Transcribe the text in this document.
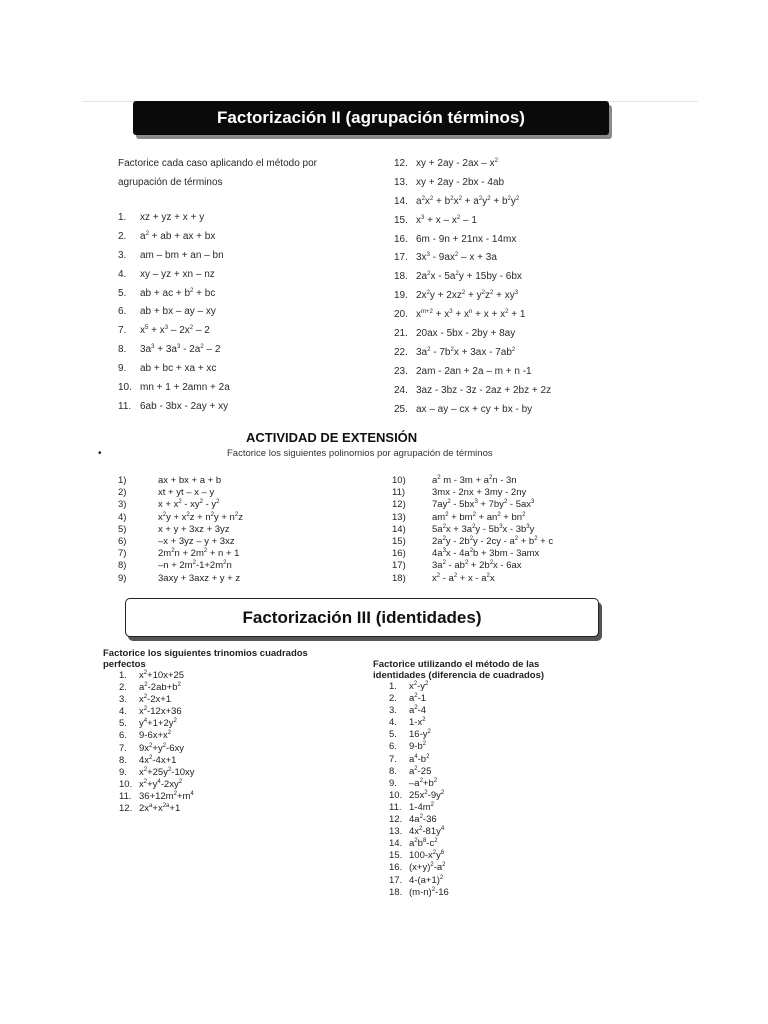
Factorización II (agrupación términos)
Factorice cada caso aplicando el método por
agrupación de términos
1. xz + yz + x + y
2. $a^2$ + ab + ax + bx
3. am – bm + an – bn
4. xy – yz + xn – nz
5. ab + ac + $b^2$ + bc
6. ab + bx – ay – xy
7. $x^5 + x^3 - 2x^2 - 2$
8. $3a^3 + 3a^3 - 2a^2 - 2$
9. ab + bc + xa + xc
10. mn + 1 + 2amn + 2a
11. 6ab - 3bx - 2ay + xy
12. xy + $2ay - 2ax - x^2$
13. xy + 2ay - 2bx - 4ab
14. $a^2x^2 + b^2x^2 + a^2y^2 + b^2y^2$
15. $x^3 + x - x^2 - 1$
16. 6m - 9n + 21nx - 14mx
17. $3x^3 - 9ax^2 - x + 3a$
18. $2a^2x - 5a^2y + 15by - 6bx$
19. $2x^2y + 2xz^2 + y^2z^2 + xy^3$
20. $x^{m+2} + x^3 + x^n + x + x^2 + 1$
21. 20ax - 5bx - 2by + 8ay
22. $3a^2 - 7b^2x + 3ax - 7ab^2$
23. 2am - 2an + 2a – m + n -1
24. 3az - 3bz - 3z - 2az + 2bz + 2z
25. ax – ay – cx + cy + bx - by
ACTIVIDAD DE EXTENSIÓN
•	Factorice los siguientes polinomios por agrupación de términos
1)	ax + bx + a + b
2)	xt + yt – x – y
3)	$x + x^2 - xy^2 - y^2$
4)	$x^2y + x^2z + n^2y + n^2z$
5)	x + y + 3xz + 3yz
6)	–x + 3yz – y + 3xz
7)	$2m^2n + 2m^2 + n + 1$
8)	$-n + 2m^2-1+2m^2n$
9)	3axy + 3axz + y + z
10)	$a^2$ $m - 3m + a^2n - 3n$
11)	3mx - 2nx + 3my - 2ny
12)	$7ay^2 - 5bx^3 + 7by^2 - 5ax^3$
13)	$am^2 + bm^2 + an^2 + bn^2$
14)	$5a^2x + 3a^2y - 5b^3x - 3b^3y$
15)	$2a^2y - 2b^2y - 2cy - a^2 + b^2 + c$
16)	$4a^3x - 4a^2b + 3bm - 3amx$
17)	$3a^2 - ab^2 + 2b^2x - 6ax$
18)	$x^2 - a^2 + x - a^2x$
Factorización III (identidades)
Factorice los siguientes trinomios cuadrados
perfectos
1. $x^2+10x+25$
2. $a^2-2ab+b^2$
3. $x^2-2x+1$
4. $x^2-12x+36$
5. $y^4+1+2y^2$
6. $9-6x+x^2$
7. $9x^2+y^2-6xy$
8. $4x^2-4x+1$
9. $x^2+25y^2-10xy$
10. $x^2+y^4-2xy^2$
11. $36+12m^2+m^4$
12. $2x^a+x^{2a}+1$
Factorice utilizando el método de las
identidades (diferencia de cuadrados)
1. $x^2-y^2$
2. $a^2-1$
3. $a^2-4$
4. $1-x^2$
5. $16-y^2$
6. $9-b^2$
7. $a^4-b^2$
8. $a^2-25$
9. $-a^2+b^2$
10. $25x^2-9y^2$
11. $1-4m^2$
12. $4a^2-36$
13. $4x^2-81y^4$
14. $a^2b^8-c^2$
15. $100-x^2y^6$
16. $(x+y)^2-a^2$
17. $4-(a+1)^2$
18. $(m-n)^2-16$
